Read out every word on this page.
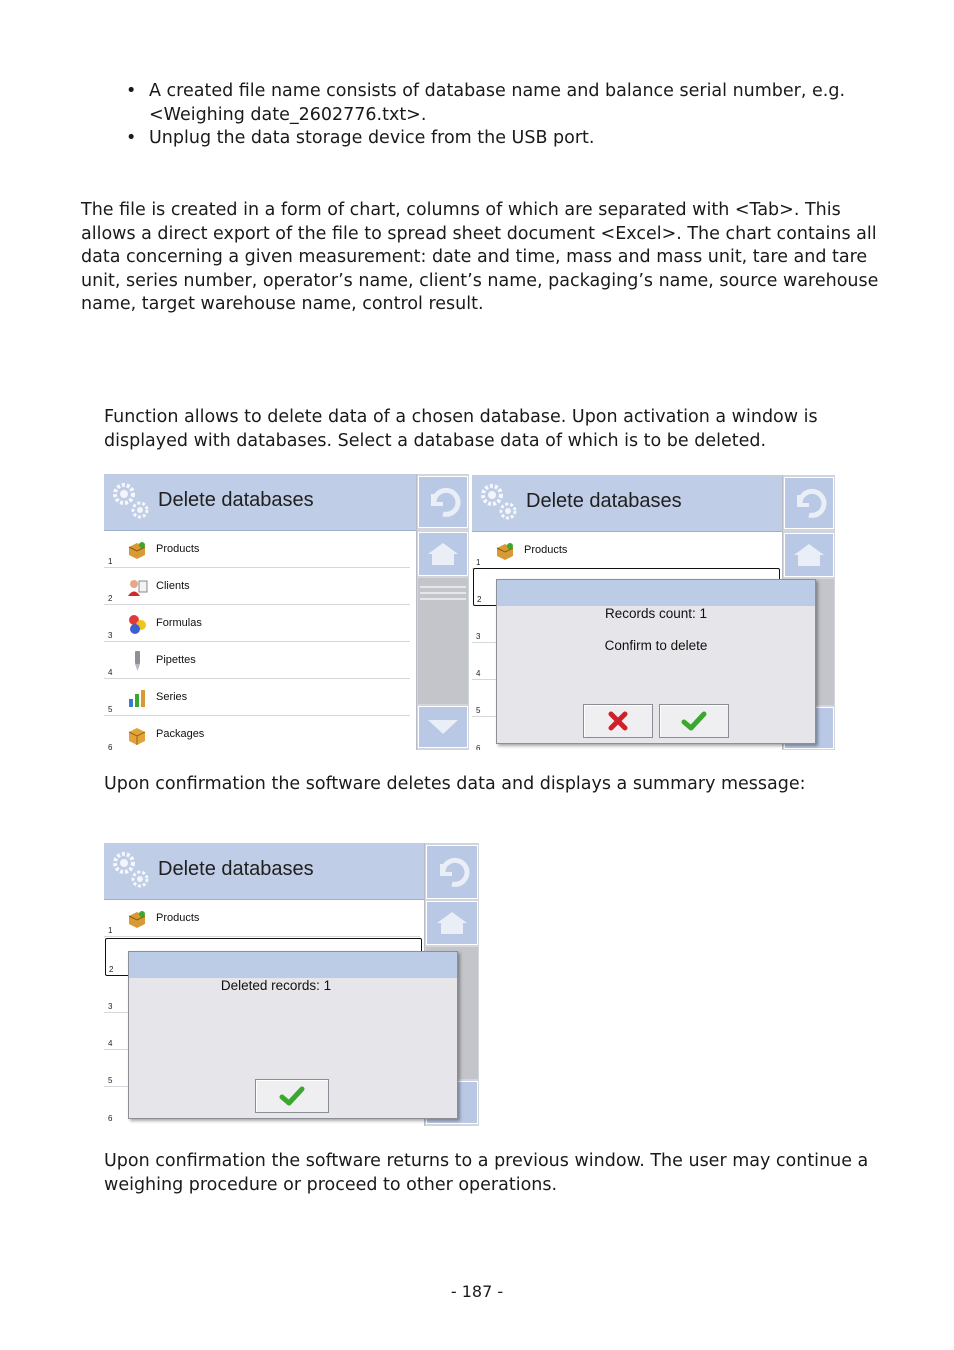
• A created file name consists of database name and balance serial number, e.g. <Weighing date_2602776.txt>.
• Unplug the data storage device from the USB port.

The file is created in a form of chart, columns of which are separated with <Tab>. This allows a direct export of the file to spread sheet document <Excel>. The chart contains all data concerning a given measurement: date and time, mass and mass unit, tare and tare unit, series number, operator’s name, client’s name, packaging’s name, source warehouse name, target warehouse name, control result.

Function allows to delete data of a chosen database. Upon activation a window is displayed with databases. Select a database data of which is to be deleted.

Delete databases
Products
1
Clients
2
Formulas
3
Pipettes
4
Series
5
Packages
6
Delete databases
Products
1
2
3
4
5
6
Records count: 1
Confirm to delete

Upon confirmation the software deletes data and displays a summary message:

Delete databases
Products
1
2
3
4
5
6
Deleted records: 1

Upon confirmation the software returns to a previous window. The user may continue a weighing procedure or proceed to other operations.

- 187 -
